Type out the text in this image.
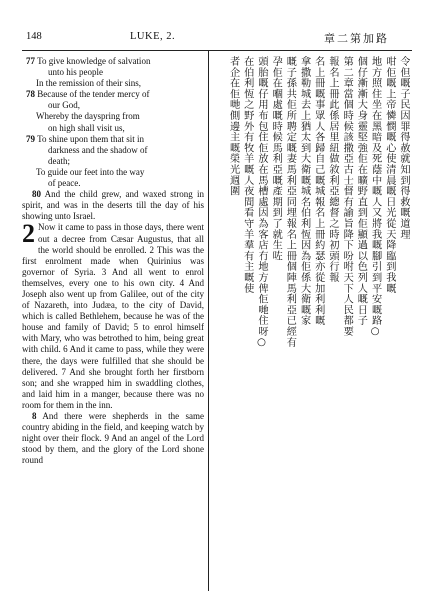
148	LUKE, 2.	章二第加路
77 To give knowledge of salvation
unto his people
In the remission of their sins,
78 Because of the tender mercy of
our God,
Whereby the dayspring from
on high shall visit us,
79 To shine upon them that sit in
darkness and the shadow of
death;
To guide our feet into the way
of peace.
80 And the child grew, and waxed strong in spirit, and was in the deserts till the day of his showing unto Israel.
2 Now it came to pass in those days, there went out a decree from Cæsar Augustus, that all the world should be enrolled. 2 This was the first enrolment made when Quirinius was governor of Syria. 3 And all went to enrol themselves, every one to his own city. 4 And Joseph also went up from Galilee, out of the city of Nazareth, into Judæa, to the city of David, which is called Bethlehem, because he was of the house and family of David; 5 to enrol himself with Mary, who was betrothed to him, being great with child. 6 And it came to pass, while they were there, the days were fulfilled that she should be delivered. 7 And she brought forth her firstborn son; and she wrapped him in swaddling clothes, and laid him in a manger, because there was no room for them in the inn.
8 And there were shepherds in the same country abiding in the field, and keeping watch by night over their flock. 9 And an angel of the Lord stood by them, and the glory of the Lord shone round
令但嘅子民因罪得赦就知到得救嘅道理
咁佢嘅上帝憐憫嘅心使清晨嘅日光從天降臨到我嘅
地方照住坐在黑暗及死蔭中嘅人又將我嘅腳引到平安嘅路○
個仔漸漸大身靈堅強佢在曠野直到佢顯過以色列人嘅日子
第二章當個時候該撒亞古士督有諭旨降下吩咐天下人民都要
報名上冊此係居里紐做敘利亞總督之時初頭行報
名上冊嘅事眾人各歸自己嘅城報名上冊約瑟亦從加利利嘅
拿撒勒城去上猶太到大衛嘅城名伯利恆因為佢係大衛嘅家
嘅子孫共佢所聘定嘅妻馬利亞同埋報名上冊個陣馬利亞已經有
孕佢在嗰處嘅時候馬利亞嘅產期到了就生咗
頭胎嘅仔用布包住佢放在馬槽處因為客店冇地方俾佢哋住呀○
在伯利恆之野外有牧羊嘅人夜間看守羊羣有主嘅使
者企在佢哋側邊主嘅榮光週圍
